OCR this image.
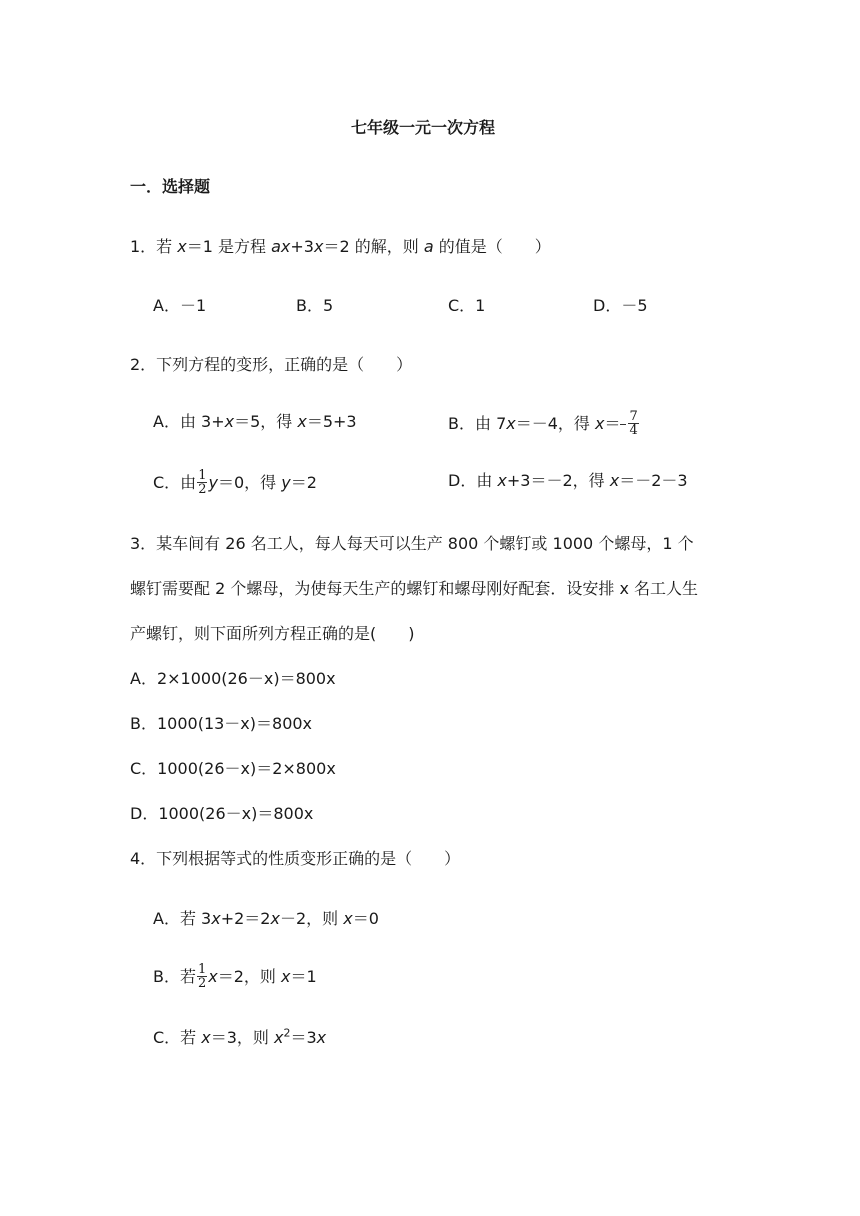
七年级一元一次方程
一．选择题
1．若 x＝1 是方程 ax+3x＝2 的解，则 a 的值是（　　）
A．－1	B．5	C．1	D．－5
2．下列方程的变形，正确的是（　　）
A．由 3+x＝5，得 x＝5+3	B．由 7x＝－4，得 $x= \frac{7}{4}$
C．由 $\frac{1}{2} y=0$，得 y＝2	D．由 x+3＝－2，得 x＝－2－3
3．某车间有 26 名工人，每人每天可以生产 800 个螺钉或 1000 个螺母，1 个
螺钉需要配 2 个螺母，为使每天生产的螺钉和螺母刚好配套．设安排 x 名工人生
产螺钉，则下面所列方程正确的是(　　)
A．2×1000(26－x)＝800x
B．1000(13－x)＝800x
C．1000(26－x)＝2×800x
D．1000(26－x)＝800x
4．下列根据等式的性质变形正确的是（　　）
A．若 3x+2＝2x－2，则 x＝0
B．若 $\frac{1}{2} x=2$，则 x＝1
C．若 x＝3，则 $x^2=3x$
